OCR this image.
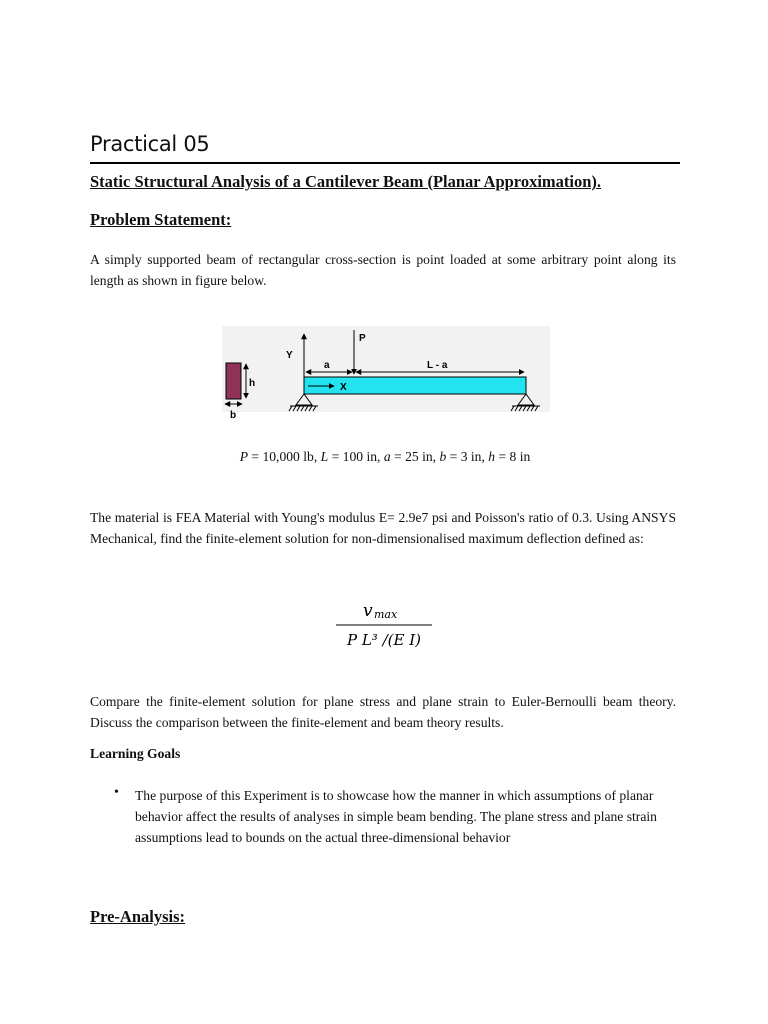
Practical 05
Static Structural Analysis of a Cantilever Beam (Planar Approximation).
Problem Statement:
A simply supported beam of rectangular cross-section is point loaded at some arbitrary point along its length as shown in figure below.
h
b
Y
X
P
a	L - a
P = 10,000 lb, L = 100 in, a = 25 in, b = 3 in, h = 8 in
The material is FEA Material with Young's modulus E= 2.9e7 psi and Poisson's ratio of 0.3. Using ANSYS Mechanical, find the finite-element solution for non-dimensionalised maximum deflection defined as:
v max
P L³ /(E I)
Compare the finite-element solution for plane stress and plane strain to Euler-Bernoulli beam theory. Discuss the comparison between the finite-element and beam theory results.
Learning Goals
• The purpose of this Experiment is to showcase how the manner in which assumptions of planar behavior affect the results of analyses in simple beam bending. The plane stress and plane strain assumptions lead to bounds on the actual three-dimensional behavior
Pre-Analysis:
